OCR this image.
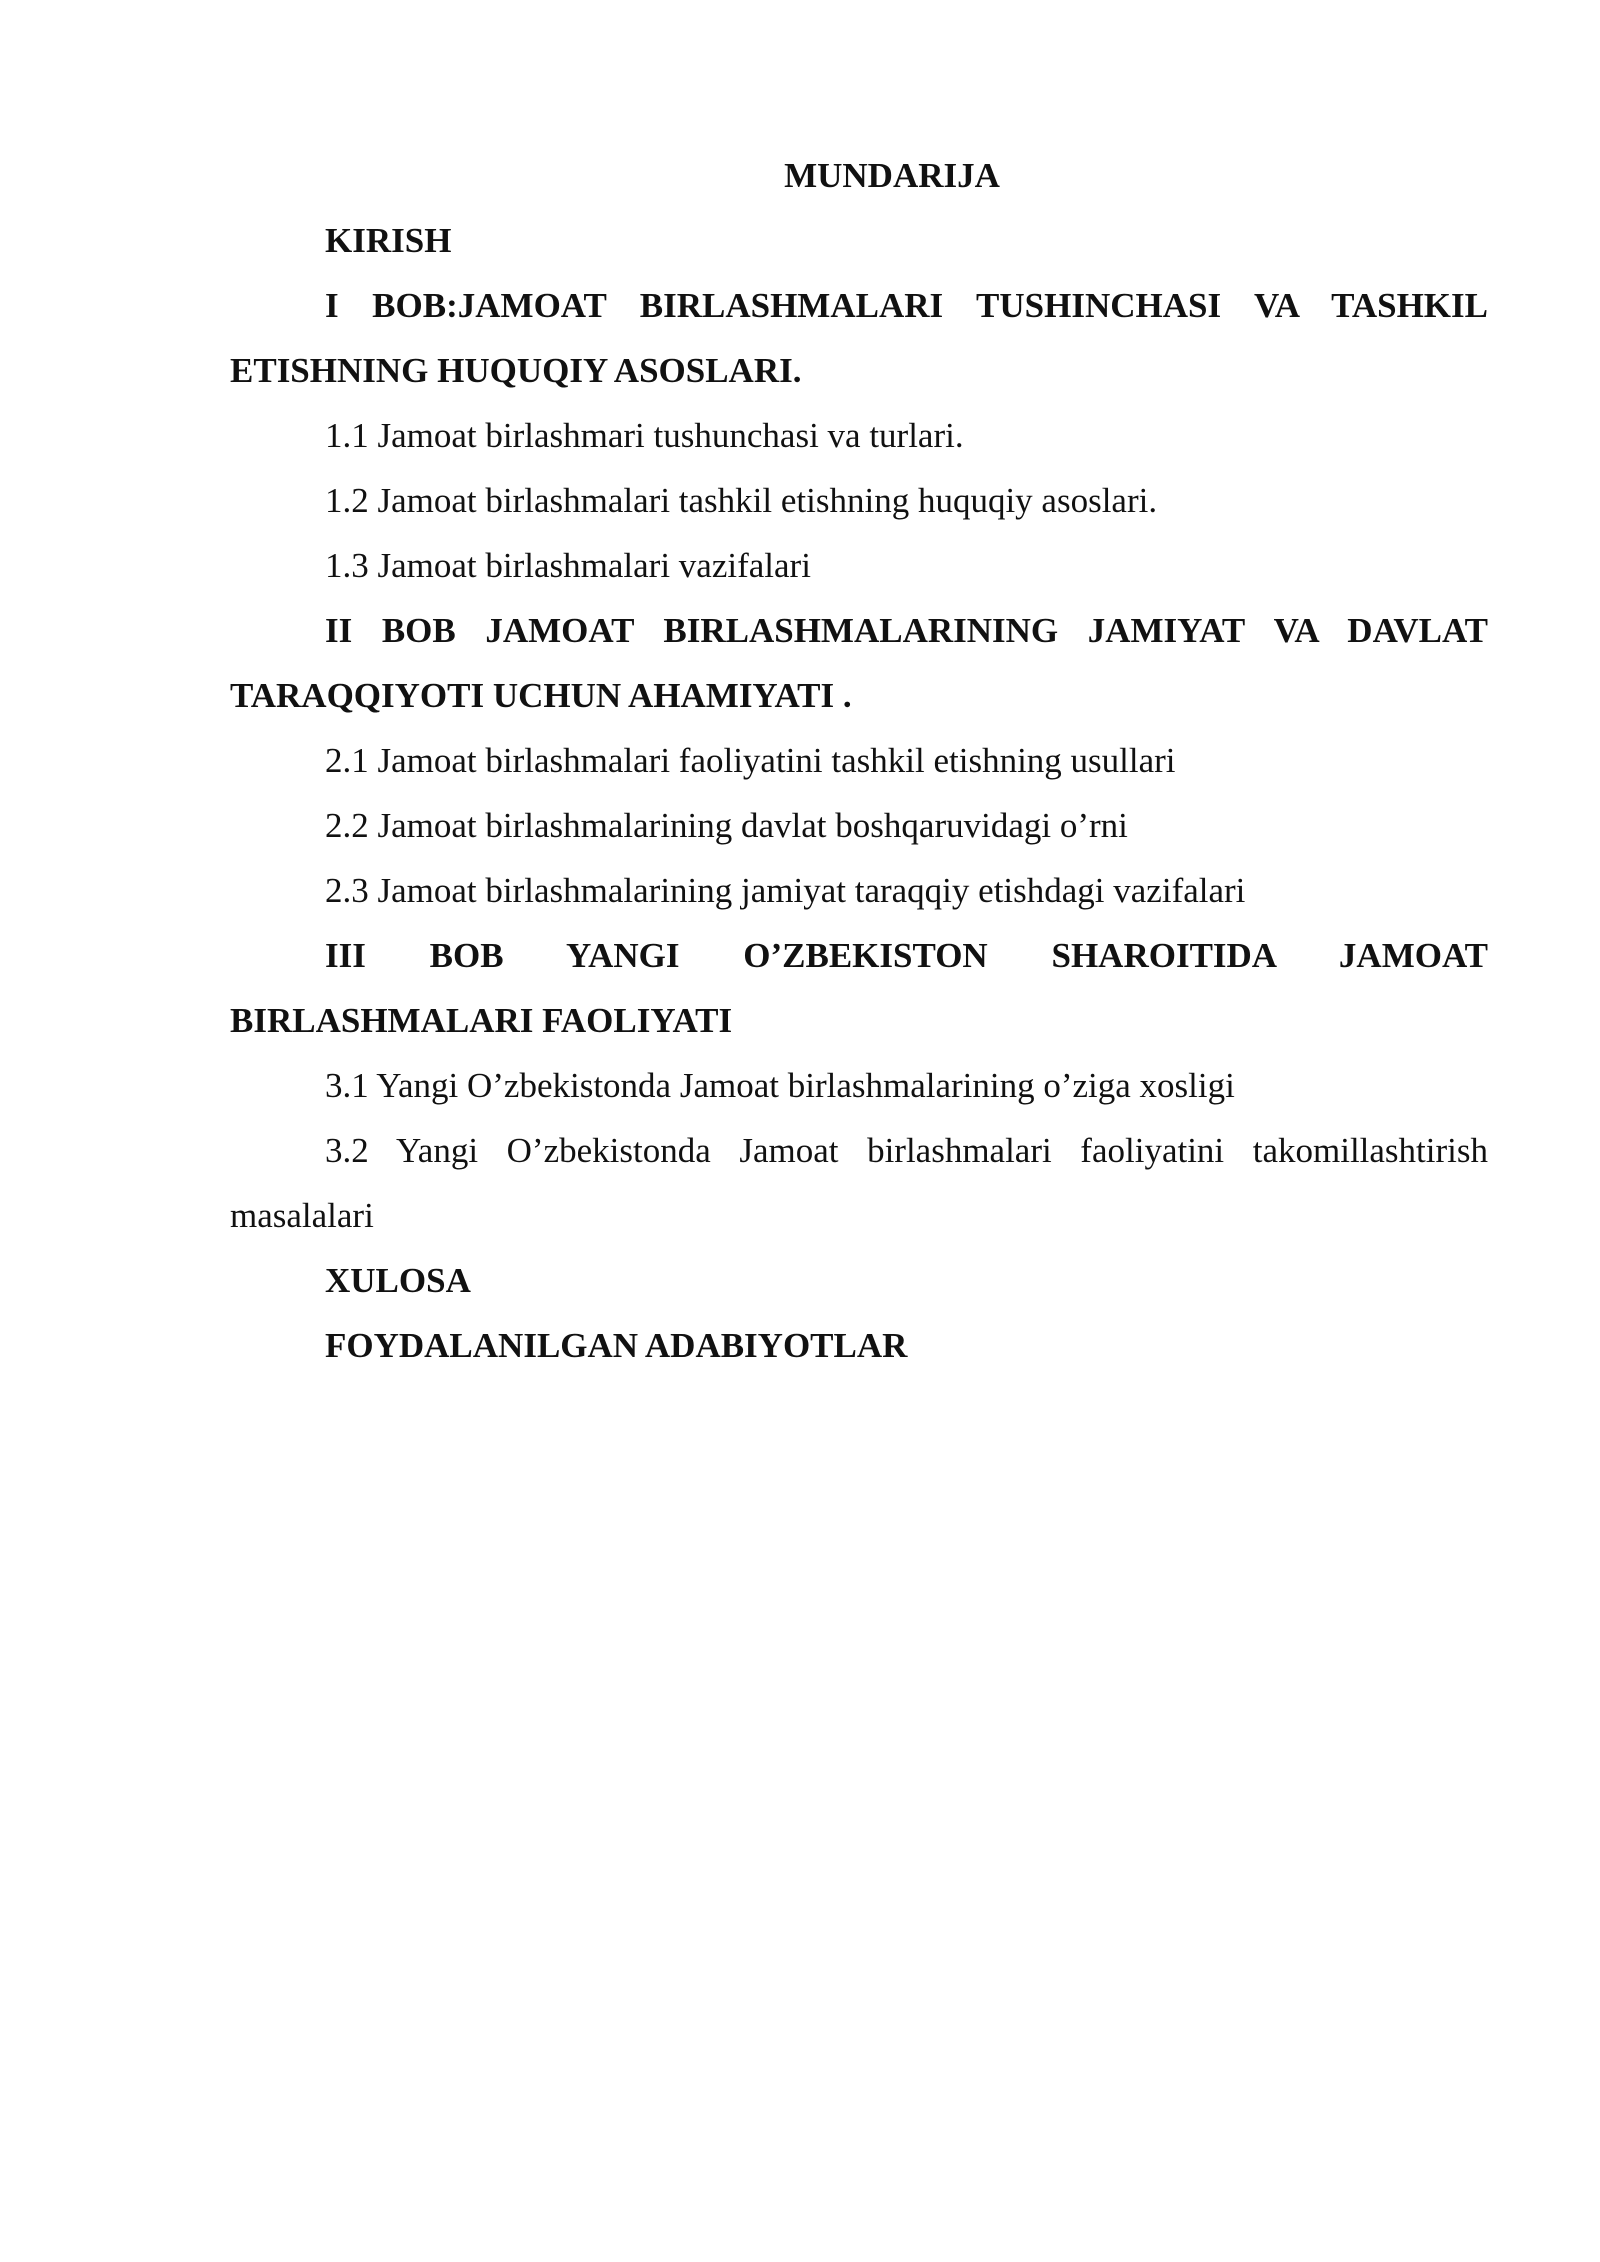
MUNDARIJA

KIRISH

I BOB:JAMOAT BIRLASHMALARI TUSHINCHASI VA TASHKIL

ETISHNING HUQUQIY ASOSLARI.

1.1 Jamoat birlashmari tushunchasi va turlari.

1.2 Jamoat birlashmalari tashkil etishning huquqiy asoslari.

1.3 Jamoat birlashmalari vazifalari

II BOB JAMOAT BIRLASHMALARINING JAMIYAT VA DAVLAT

TARAQQIYOTI UCHUN AHAMIYATI .

2.1 Jamoat birlashmalari faoliyatini tashkil etishning usullari

2.2 Jamoat birlashmalarining davlat boshqaruvidagi o’rni

2.3 Jamoat birlashmalarining jamiyat taraqqiy etishdagi vazifalari

III BOB YANGI O’ZBEKISTON SHAROITIDA JAMOAT

BIRLASHMALARI FAOLIYATI

3.1 Yangi O’zbekistonda Jamoat birlashmalarining o’ziga xosligi

3.2 Yangi O’zbekistonda Jamoat birlashmalari faoliyatini takomillashtirish

masalalari

XULOSA

FOYDALANILGAN ADABIYOTLAR
